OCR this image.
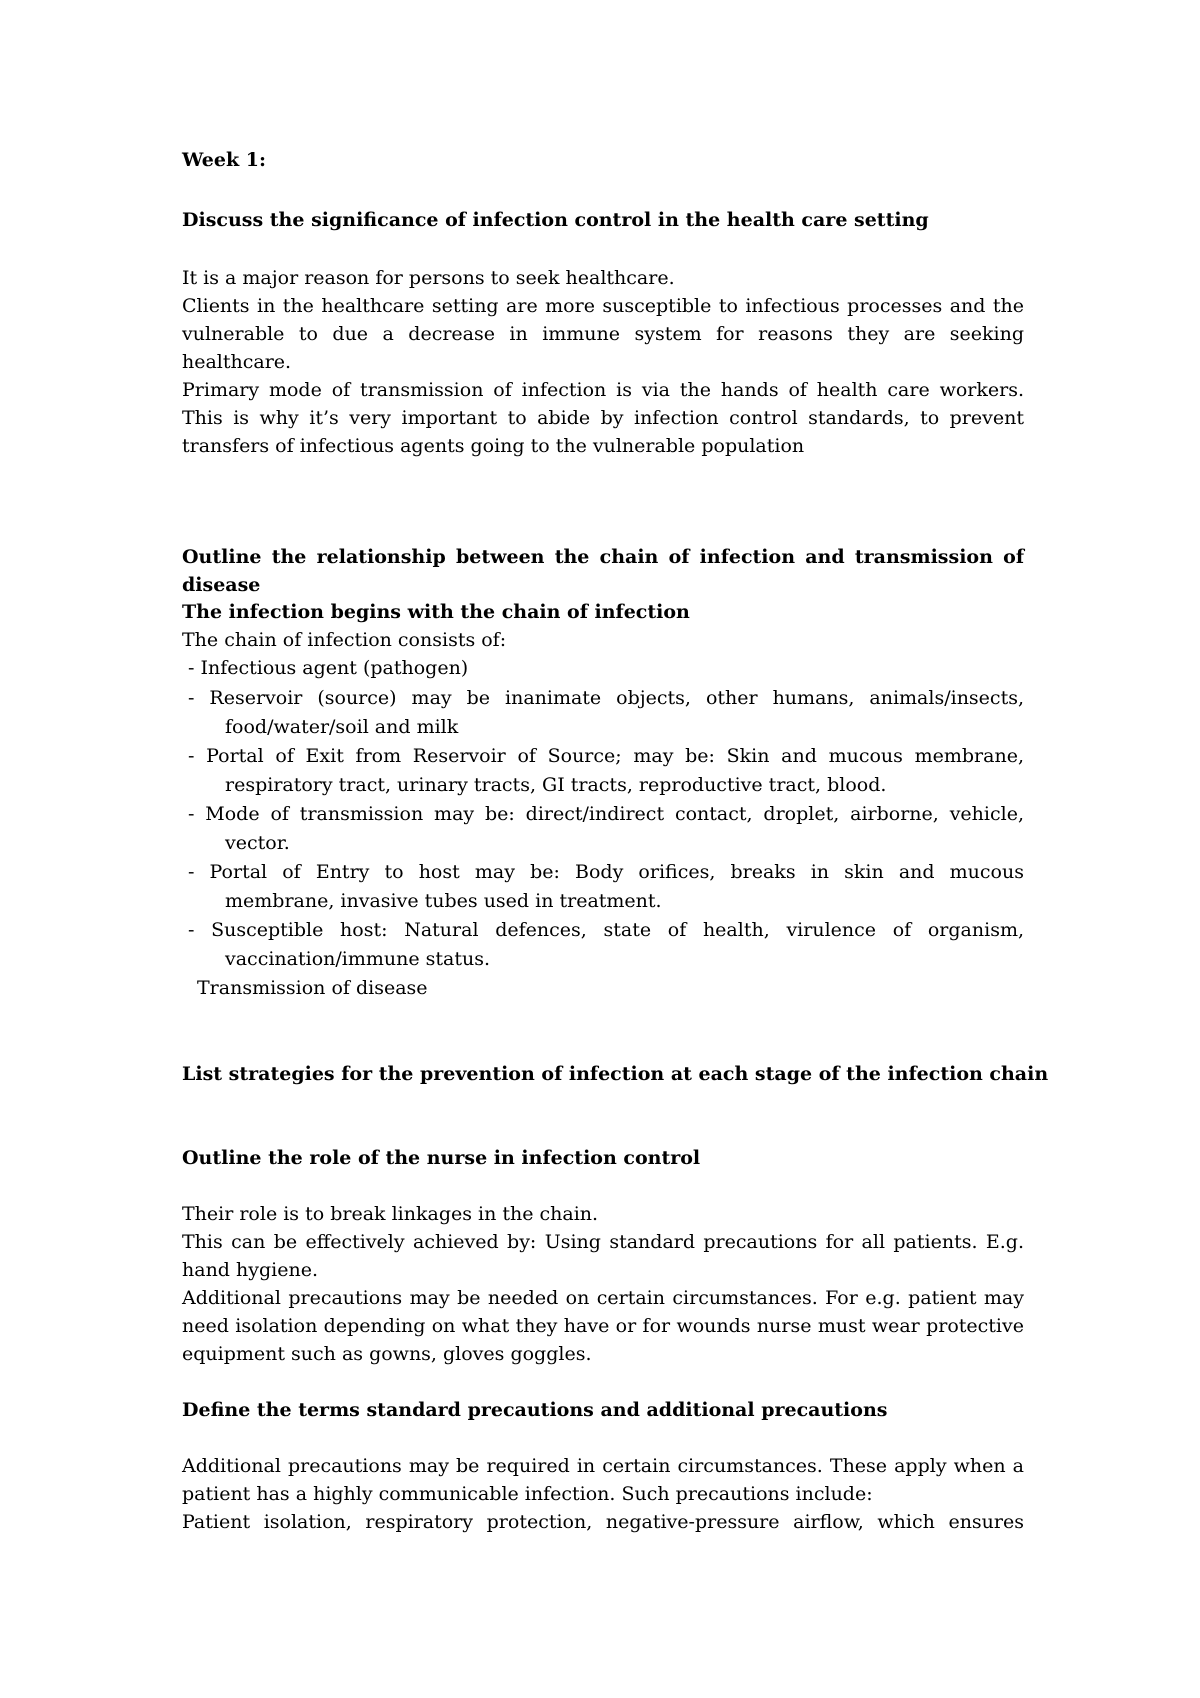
Week 1:
Discuss the significance of infection control in the health care setting
It is a major reason for persons to seek healthcare.
Clients in the healthcare setting are more susceptible to infectious processes and the
vulnerable to due a decrease in immune system for reasons they are seeking
healthcare.
Primary mode of transmission of infection is via the hands of health care workers.
This is why it’s very important to abide by infection control standards, to prevent
transfers of infectious agents going to the vulnerable population
Outline the relationship between the chain of infection and transmission of
disease
The infection begins with the chain of infection
The chain of infection consists of:
- Infectious agent (pathogen)
- Reservoir (source) may be inanimate objects, other humans, animals/insects,
food/water/soil and milk
- Portal of Exit from Reservoir of Source; may be: Skin and mucous membrane,
respiratory tract, urinary tracts, GI tracts, reproductive tract, blood.
- Mode of transmission may be: direct/indirect contact, droplet, airborne, vehicle,
vector.
- Portal of Entry to host may be: Body orifices, breaks in skin and mucous
membrane, invasive tubes used in treatment.
- Susceptible host: Natural defences, state of health, virulence of organism,
vaccination/immune status.
Transmission of disease
List strategies for the prevention of infection at each stage of the infection chain
Outline the role of the nurse in infection control
Their role is to break linkages in the chain.
This can be effectively achieved by: Using standard precautions for all patients. E.g.
hand hygiene.
Additional precautions may be needed on certain circumstances. For e.g. patient may
need isolation depending on what they have or for wounds nurse must wear protective
equipment such as gowns, gloves goggles.
Define the terms standard precautions and additional precautions
Additional precautions may be required in certain circumstances. These apply when a
patient has a highly communicable infection. Such precautions include:
Patient isolation, respiratory protection, negative-pressure airflow, which ensures
